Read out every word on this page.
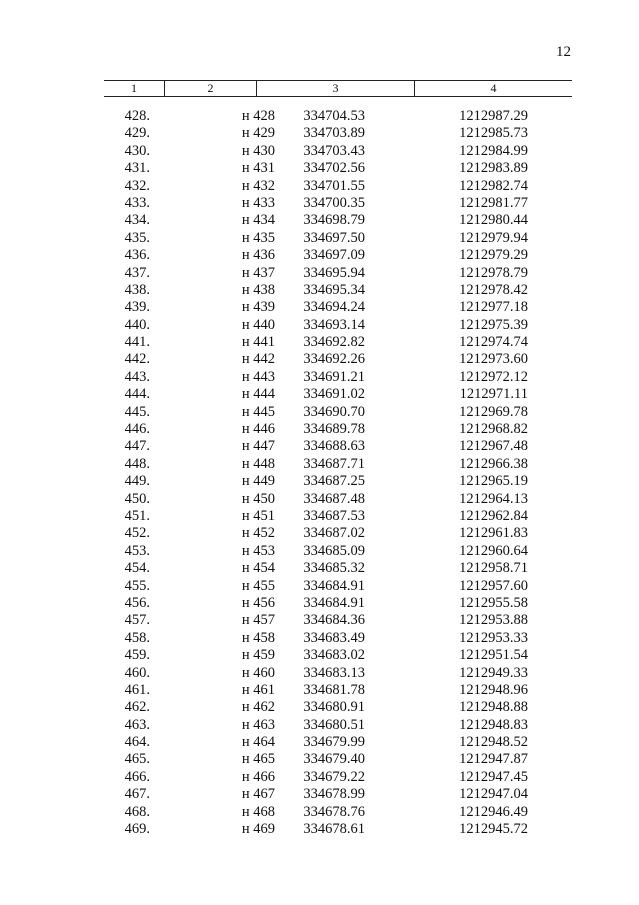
12
1	2	3	4
428.	н 428	334704.53	1212987.29
429.	н 429	334703.89	1212985.73
430.	н 430	334703.43	1212984.99
431.	н 431	334702.56	1212983.89
432.	н 432	334701.55	1212982.74
433.	н 433	334700.35	1212981.77
434.	н 434	334698.79	1212980.44
435.	н 435	334697.50	1212979.94
436.	н 436	334697.09	1212979.29
437.	н 437	334695.94	1212978.79
438.	н 438	334695.34	1212978.42
439.	н 439	334694.24	1212977.18
440.	н 440	334693.14	1212975.39
441.	н 441	334692.82	1212974.74
442.	н 442	334692.26	1212973.60
443.	н 443	334691.21	1212972.12
444.	н 444	334691.02	1212971.11
445.	н 445	334690.70	1212969.78
446.	н 446	334689.78	1212968.82
447.	н 447	334688.63	1212967.48
448.	н 448	334687.71	1212966.38
449.	н 449	334687.25	1212965.19
450.	н 450	334687.48	1212964.13
451.	н 451	334687.53	1212962.84
452.	н 452	334687.02	1212961.83
453.	н 453	334685.09	1212960.64
454.	н 454	334685.32	1212958.71
455.	н 455	334684.91	1212957.60
456.	н 456	334684.91	1212955.58
457.	н 457	334684.36	1212953.88
458.	н 458	334683.49	1212953.33
459.	н 459	334683.02	1212951.54
460.	н 460	334683.13	1212949.33
461.	н 461	334681.78	1212948.96
462.	н 462	334680.91	1212948.88
463.	н 463	334680.51	1212948.83
464.	н 464	334679.99	1212948.52
465.	н 465	334679.40	1212947.87
466.	н 466	334679.22	1212947.45
467.	н 467	334678.99	1212947.04
468.	н 468	334678.76	1212946.49
469.	н 469	334678.61	1212945.72
